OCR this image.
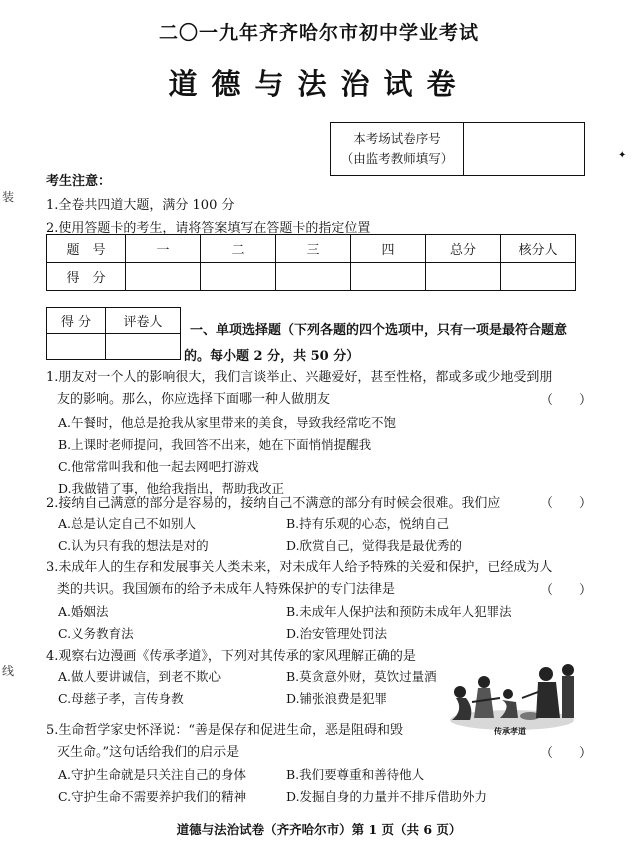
二〇一九年齐齐哈尔市初中学业考试
道德与法治试卷
本考场试卷序号
（由监考教师填写）

装
线
✦
考生注意：
1.全卷共四道大题，满分 100 分
2.使用答题卡的考生，请将答案填写在答题卡的指定位置
题　号	一	二	三	四	总分	核分人
得　分						
得 分	评卷人

一、单项选择题（下列各题的四个选项中，只有一项是最符合题意
的。每小题 2 分，共 50 分）
1.朋友对一个人的影响很大，我们言谈举止、兴趣爱好，甚至性格，都或多或少地受到朋
友的影响。那么，你应选择下面哪一种人做朋友	（　　）
A.午餐时，他总是抢我从家里带来的美食，导致我经常吃不饱
B.上课时老师提问，我回答不出来，她在下面悄悄提醒我
C.他常常叫我和他一起去网吧打游戏
D.我做错了事，他给我指出，帮助我改正
2.接纳自己满意的部分是容易的，接纳自己不满意的部分有时候会很难。我们应	（　　）
A.总是认定自己不如别人	B.持有乐观的心态，悦纳自己
C.认为只有我的想法是对的	D.欣赏自己，觉得我是最优秀的
3.未成年人的生存和发展事关人类未来，对未成年人给予特殊的关爱和保护，已经成为人
类的共识。我国颁布的给予未成年人特殊保护的专门法律是	（　　）
A.婚姻法	B.未成年人保护法和预防未成年人犯罪法
C.义务教育法	D.治安管理处罚法
4.观察右边漫画《传承孝道》，下列对其传承的家风理解正确的是
A.做人要讲诚信，到老不欺心	B.莫贪意外财，莫饮过量酒
C.母慈子孝，言传身教	D.铺张浪费是犯罪
传承孝道
5.生命哲学家史怀泽说：“善是保存和促进生命，恶是阻碍和毁
灭生命。”这句话给我们的启示是	（　　）
A.守护生命就是只关注自己的身体	B.我们要尊重和善待他人
C.守护生命不需要养护我们的精神	D.发掘自身的力量并不排斥借助外力
道德与法治试卷（齐齐哈尔市）第 1 页（共 6 页）
